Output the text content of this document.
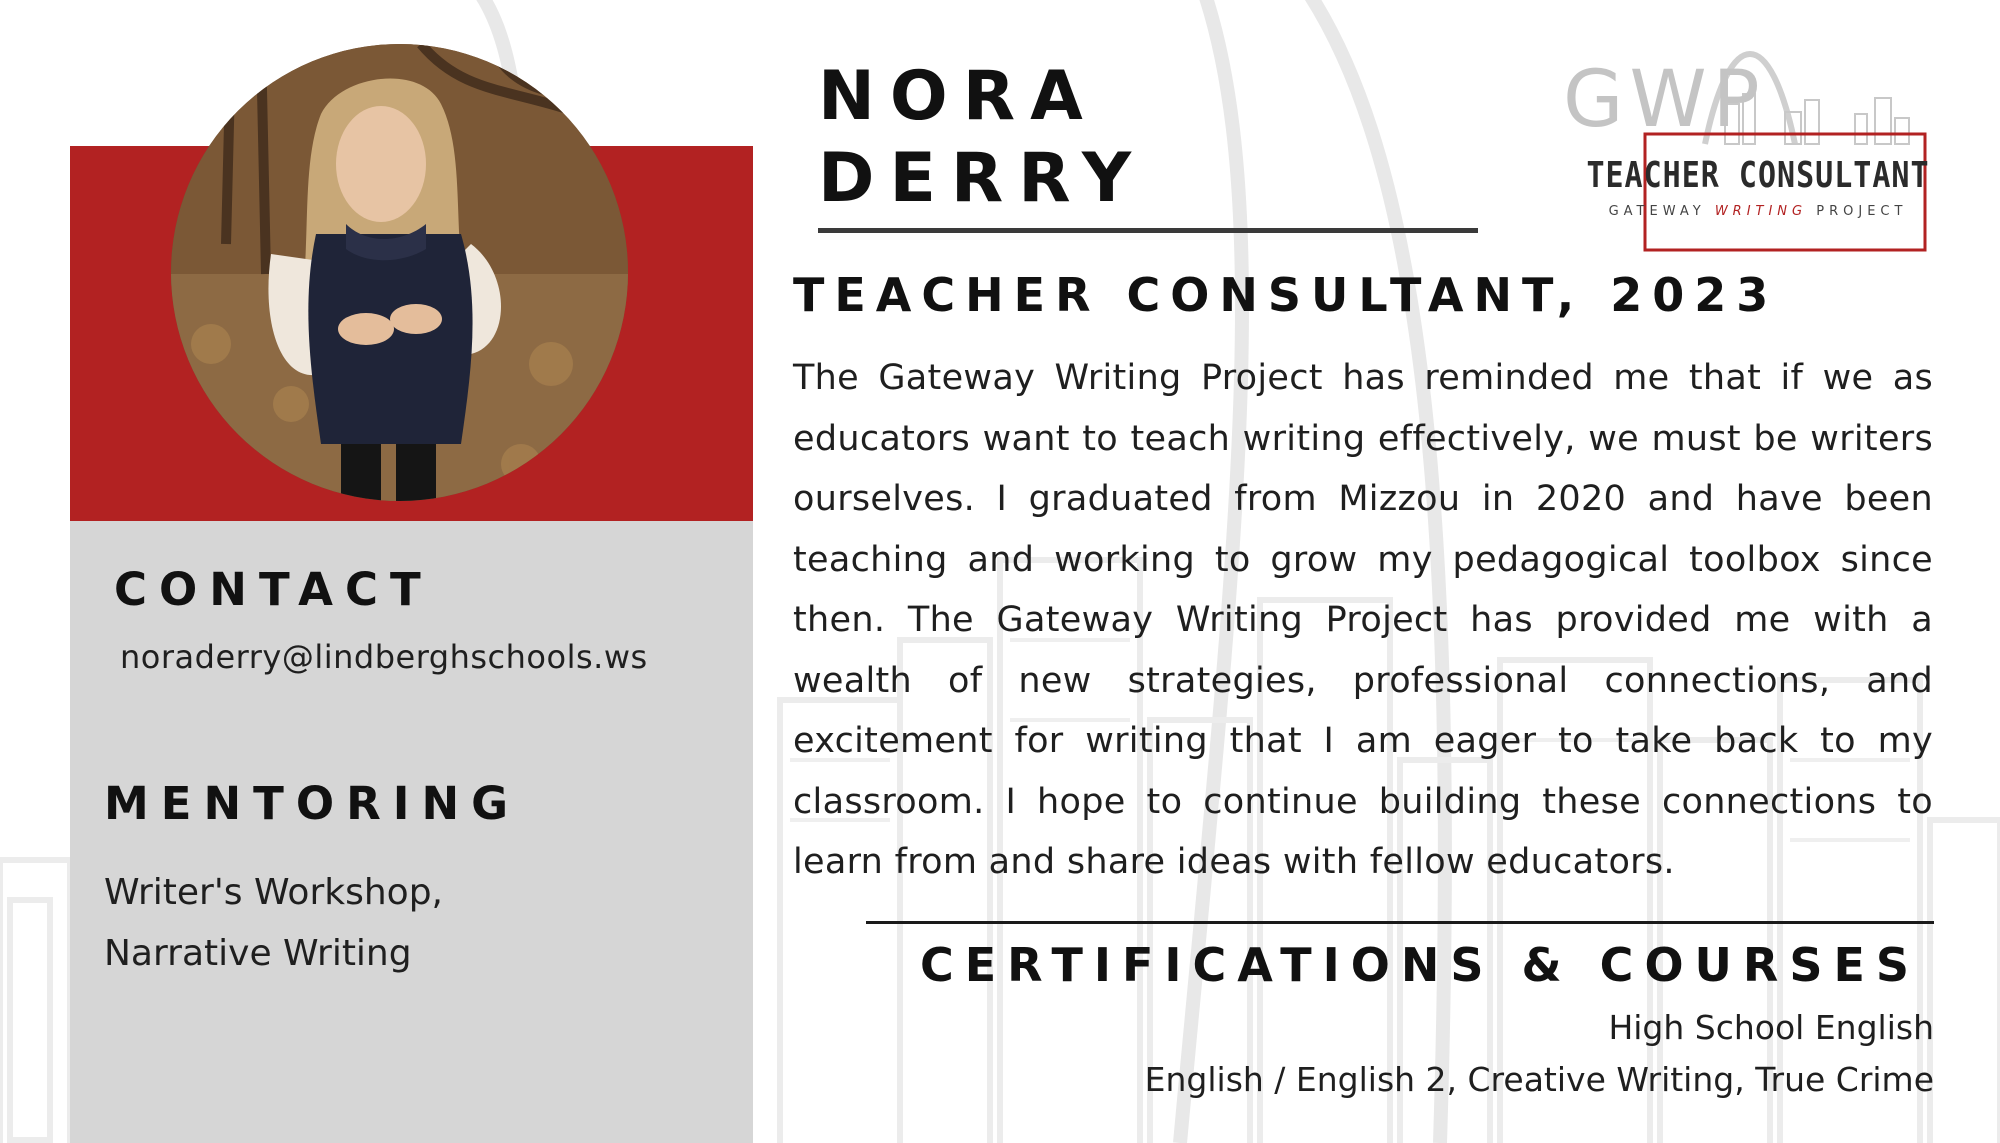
CONTACT
noraderry@lindberghschools.ws
MENTORING
Writer's Workshop,
Narrative Writing
NORA
DERRY
TEACHER CONSULTANT, 2023
The Gateway Writing Project has reminded me that if we as educators want to teach writing effectively, we must be writers ourselves. I graduated from Mizzou in 2020 and have been teaching and working to grow my pedagogical toolbox since then. The Gateway Writing Project has provided me with a wealth of new strategies, professional connections, and excitement for writing that I am eager to take back to my classroom. I hope to continue building these connections to learn from and share ideas with fellow educators.
CERTIFICATIONS & COURSES
High School English
English / English 2, Creative Writing, True Crime
GWP
TEACHER CONSULTANT
GATEWAY WRITING PROJECT
